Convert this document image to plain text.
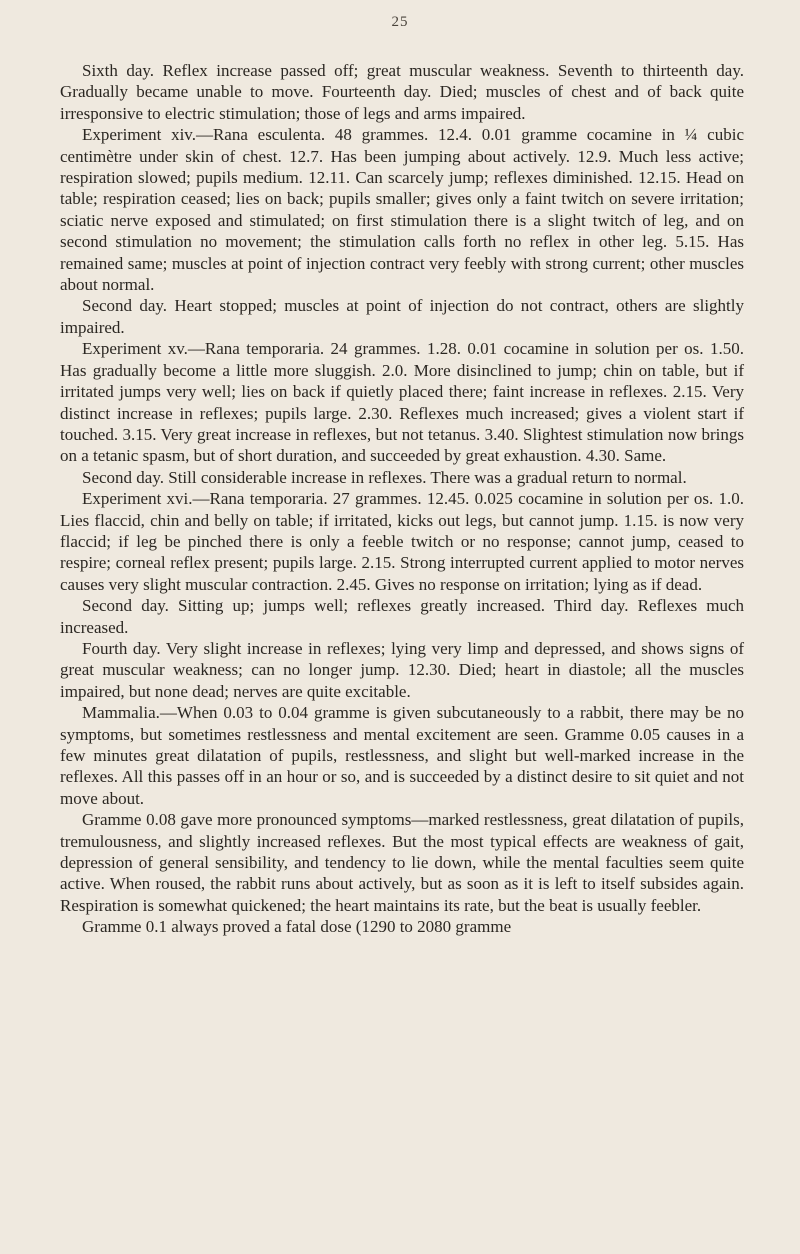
25

Sixth day. Reflex increase passed off; great muscular weakness. Seventh to thirteenth day. Gradually became unable to move. Fourteenth day. Died; muscles of chest and of back quite irresponsive to electric stimulation; those of legs and arms impaired.

Experiment xiv.—Rana esculenta. 48 grammes. 12.4. 0.01 gramme cocamine in ¼ cubic centimètre under skin of chest. 12.7. Has been jumping about actively. 12.9. Much less active; respiration slowed; pupils medium. 12.11. Can scarcely jump; reflexes diminished. 12.15. Head on table; respiration ceased; lies on back; pupils smaller; gives only a faint twitch on severe irritation; sciatic nerve exposed and stimulated; on first stimulation there is a slight twitch of leg, and on second stimulation no movement; the stimulation calls forth no reflex in other leg. 5.15. Has remained same; muscles at point of injection contract very feebly with strong current; other muscles about normal.

Second day. Heart stopped; muscles at point of injection do not contract, others are slightly impaired.

Experiment xv.—Rana temporaria. 24 grammes. 1.28. 0.01 cocamine in solution per os. 1.50. Has gradually become a little more sluggish. 2.0. More disinclined to jump; chin on table, but if irritated jumps very well; lies on back if quietly placed there; faint increase in reflexes. 2.15. Very distinct increase in reflexes; pupils large. 2.30. Reflexes much increased; gives a violent start if touched. 3.15. Very great increase in reflexes, but not tetanus. 3.40. Slightest stimulation now brings on a tetanic spasm, but of short duration, and succeeded by great exhaustion. 4.30. Same.

Second day. Still considerable increase in reflexes. There was a gradual return to normal.

Experiment xvi.—Rana temporaria. 27 grammes. 12.45. 0.025 cocamine in solution per os. 1.0. Lies flaccid, chin and belly on table; if irritated, kicks out legs, but cannot jump. 1.15. is now very flaccid; if leg be pinched there is only a feeble twitch or no response; cannot jump, ceased to respire; corneal reflex present; pupils large. 2.15. Strong interrupted current applied to motor nerves causes very slight muscular contraction. 2.45. Gives no response on irritation; lying as if dead.

Second day. Sitting up; jumps well; reflexes greatly increased. Third day. Reflexes much increased.

Fourth day. Very slight increase in reflexes; lying very limp and depressed, and shows signs of great muscular weakness; can no longer jump. 12.30. Died; heart in diastole; all the muscles impaired, but none dead; nerves are quite excitable.

Mammalia.—When 0.03 to 0.04 gramme is given subcutaneously to a rabbit, there may be no symptoms, but sometimes restlessness and mental excitement are seen. Gramme 0.05 causes in a few minutes great dilatation of pupils, restlessness, and slight but well-marked increase in the reflexes. All this passes off in an hour or so, and is succeeded by a distinct desire to sit quiet and not move about.

Gramme 0.08 gave more pronounced symptoms—marked restlessness, great dilatation of pupils, tremulousness, and slightly increased reflexes. But the most typical effects are weakness of gait, depression of general sensibility, and tendency to lie down, while the mental faculties seem quite active. When roused, the rabbit runs about actively, but as soon as it is left to itself subsides again. Respiration is somewhat quickened; the heart maintains its rate, but the beat is usually feebler.

Gramme 0.1 always proved a fatal dose (1290 to 2080 gramme
